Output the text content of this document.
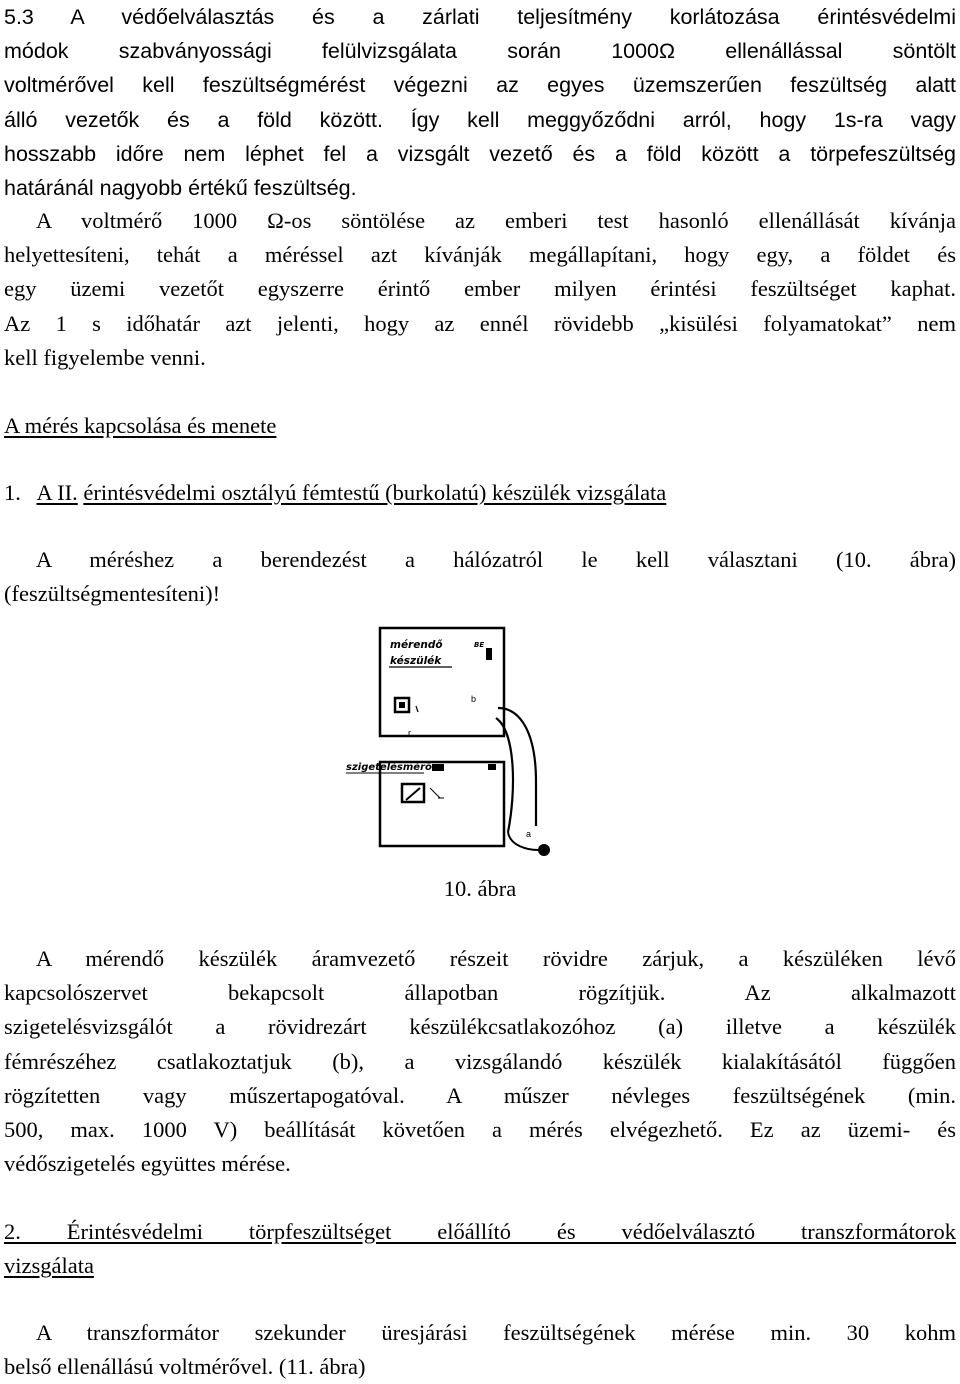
5.3 A védőelválasztás és a zárlati teljesítmény korlátozása érintésvédelmi
módok szabványossági felülvizsgálata során 1000Ω ellenállással söntölt
voltmérővel kell feszültségmérést végezni az egyes üzemszerűen feszültség alatt
álló vezetők és a föld között. Így kell meggyőződni arról, hogy 1s-ra vagy
hosszabb időre nem léphet fel a vizsgált vezető és a föld között a törpefeszültség
határánál nagyobb értékű feszültség.
A voltmérő 1000 Ω-os söntölése az emberi test hasonló ellenállását kívánja
helyettesíteni, tehát a méréssel azt kívánják megállapítani, hogy egy, a földet és
egy üzemi vezetőt egyszerre érintő ember milyen érintési feszültséget kaphat.
Az 1 s időhatár azt jelenti, hogy az ennél rövidebb „kisülési folyamatokat” nem
kell figyelembe venni.
A mérés kapcsolása és menete
1. A II. érintésvédelmi osztályú fémtestű (burkolatú) készülék vizsgálata
A méréshez a berendezést a hálózatról le kell választani (10. ábra)
(feszültségmentesíteni)!
mérendő
készülék
BE
b
r
a
szigetelésmérő
10. ábra
A mérendő készülék áramvezető részeit rövidre zárjuk, a készüléken lévő
kapcsolószervet bekapcsolt állapotban rögzítjük. Az alkalmazott
szigetelésvizsgálót a rövidrezárt készülékcsatlakozóhoz (a) illetve a készülék
fémrészéhez csatlakoztatjuk (b), a vizsgálandó készülék kialakításától függően
rögzítetten vagy műszertapogatóval. A műszer névleges feszültségének (min.
500, max. 1000 V) beállítását követően a mérés elvégezhető. Ez az üzemi- és
védőszigetelés együttes mérése.
2. Érintésvédelmi törpfeszültséget előállító és védőelválasztó transzformátorok
vizsgálata
A transzformátor szekunder üresjárási feszültségének mérése min. 30 kohm
belső ellenállású voltmérővel. (11. ábra)
